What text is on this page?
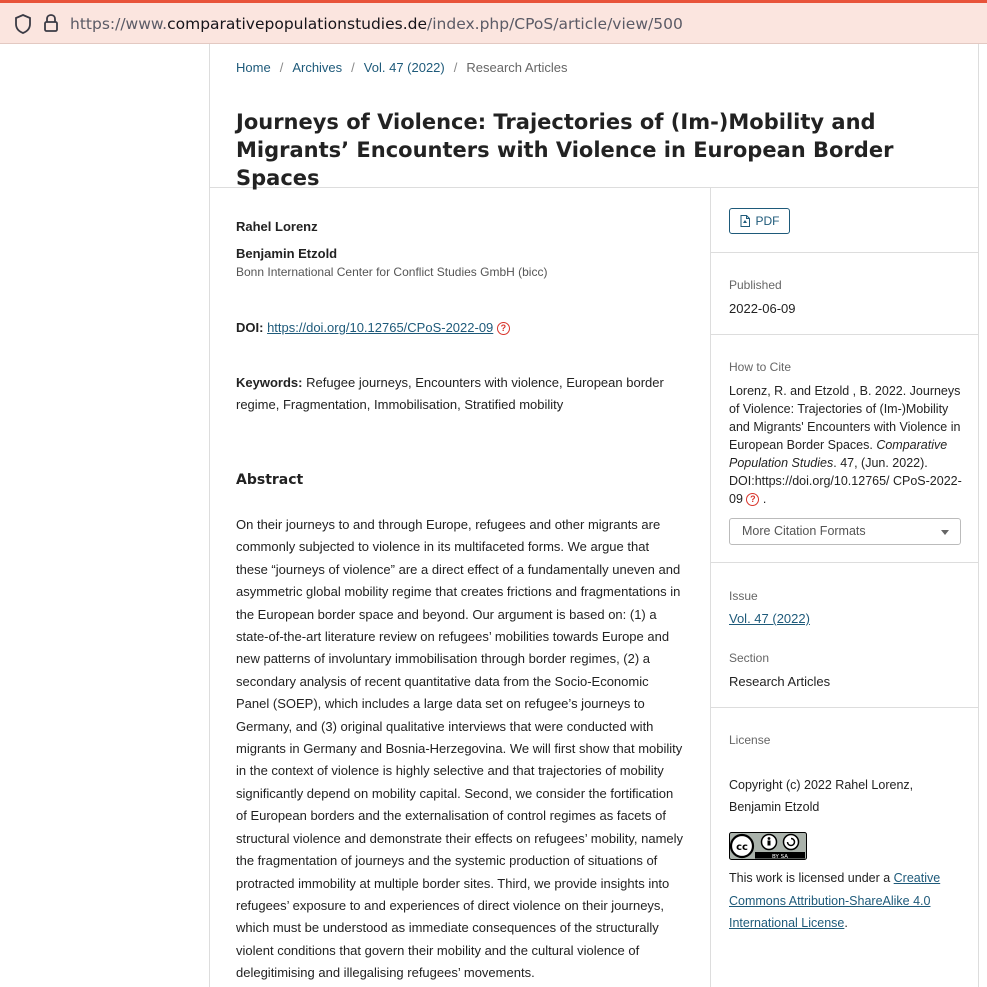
https://www.comparativepopulationstudies.de/index.php/CPoS/article/view/500
Home / Archives / Vol. 47 (2022) / Research Articles
Journeys of Violence: Trajectories of (Im-)Mobility and Migrants’ Encounters with Violence in European Border Spaces
Rahel Lorenz
Benjamin Etzold
Bonn International Center for Conflict Studies GmbH (bicc)
DOI: https://doi.org/10.12765/CPoS-2022-09 ?
Keywords: Refugee journeys, Encounters with violence, European border regime, Fragmentation, Immobilisation, Stratified mobility
Abstract

On their journeys to and through Europe, refugees and other migrants are commonly subjected to violence in its multifaceted forms. We argue that these “journeys of violence” are a direct effect of a fundamentally uneven and asymmetric global mobility regime that creates frictions and fragmentations in the European border space and beyond. Our argument is based on: (1) a state-of-the-art literature review on refugees’ mobilities towards Europe and new patterns of involuntary immobilisation through border regimes, (2) a secondary analysis of recent quantitative data from the Socio-Economic Panel (SOEP), which includes a large data set on refugee’s journeys to Germany, and (3) original qualitative interviews that were conducted with migrants in Germany and Bosnia-Herzegovina. We will first show that mobility in the context of violence is highly selective and that trajectories of mobility significantly depend on mobility capital. Second, we consider the fortification of European borders and the externalisation of control regimes as facets of structural violence and demonstrate their effects on refugees’ mobility, namely the fragmentation of journeys and the systemic production of situations of protracted immobility at multiple border sites. Third, we provide insights into refugees’ exposure to and experiences of direct violence on their journeys, which must be understood as immediate consequences of the structurally violent conditions that govern their mobility and the cultural violence of delegitimising and illegalising refugees’ movements.

PDF
Published
2022-06-09
How to Cite
Lorenz, R. and Etzold , B. 2022. Journeys of Violence: Trajectories of (Im-)Mobility and Migrants' Encounters with Violence in European Border Spaces. Comparative Population Studies. 47, (Jun. 2022). DOI:https://doi.org/10.12765/ CPoS-2022-09 ? .
More Citation Formats
Issue
Vol. 47 (2022)
Section
Research Articles
License
Copyright (c) 2022 Rahel Lorenz, Benjamin Etzold
cc
BY SA
This work is licensed under a Creative Commons Attribution-ShareAlike 4.0 International License.
